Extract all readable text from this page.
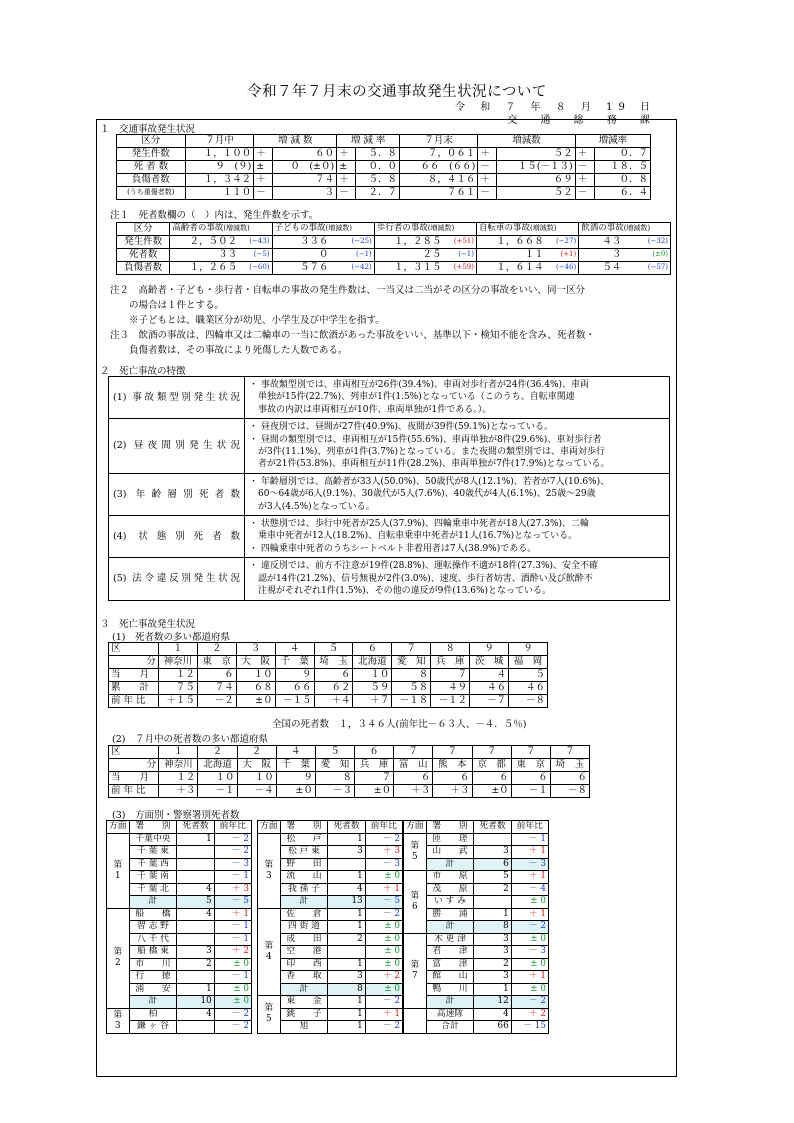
令和７年７月末の交通事故発生状況について
令 和 ７ 年 ８ 月 19 日
交 通 総 務 課
１　交通事故発生状況
区分	７月中	増 減 数		増 減 率		７月末	増減数		増減率	
発生件数	１，１００	＋	６０	＋	５．８	７，０６１	＋	５２	＋	０．７
死 者 数	９　(９)	±	０　(±０)	±	０．０	６６　(６６)	－	１５(－１３)	－	１８．５
負傷者数	１，３４２	＋	７４	＋	５．８	８，４１６	＋	６９	＋	０．８
(うち重傷者数)	１１０	－	３	－	２．７	７６１	－	５２	－	６．４
注１　死者数欄の（　）内は、発生件数を示す。
区分	高齢者の事故(増減数)		子どもの事故(増減数)		歩行者の事故(増減数)		自転車の事故(増減数)		飲酒の事故(増減数)	
発生件数	２，５０２	(−43)	３３６	(−25)	１，２８５	(+51)	１，６６８	(−27)	４３	(−32)
死者数	３３	(−5)	０	(−1)	２５	(−1)	１１	(+1)	３	(±0)
負傷者数	１，２６５	(−60)	５７６	(−42)	１，３１５	(+59)	１，６１４	(−46)	５４	(−57)
注２　高齢者・子ども・歩行者・自転車の事故の発生件数は、一当又は二当がその区分の事故をいい、同一区分
　　の場合は１件とする。
　　※子どもとは、職業区分が幼児、小学生及び中学生を指す。
注３　飲酒の事故は、四輪車又は二輪車の一当に飲酒があった事故をいい、基準以下・検知不能を含み、死者数・
　　負傷者数は、その事故により死傷した人数である。
２　死亡事故の特徴
(1) 事故類型別発生状況	・ 事故類型別では、車両相互が26件(39.4%)、車両対歩行者が24件(36.4%)、車両
　単独が15件(22.7%)、列車が1件(1.5%)となっている（このうち、自転車関連
　事故の内訳は車両相互が10件、車両単独が1件である。）。

(2) 昼夜間別発生状況	・ 昼夜別では、昼間が27件(40.9%)、夜間が39件(59.1%)となっている。
・ 昼間の類型別では、車両相互が15件(55.6%)、車両単独が8件(29.6%)、車対歩行者
　が3件(11.1%)、列車が1件(3.7%)となっている。また夜間の類型別では、車両対歩行
　者が21件(53.8%)、車両相互が11件(28.2%)、車両単独が7件(17.9%)となっている。

(3) 年齢層別死者数	・ 年齢層別では、高齢者が33人(50.0%)、50歳代が8人(12.1%)、若者が7人(10.6%)、
　60～64歳が6人(9.1%)、30歳代が5人(7.6%)、40歳代が4人(6.1%)、25歳～29歳
　が3人(4.5%)となっている。

(4) 状態別死者数	・ 状態別では、歩行中死者が25人(37.9%)、四輪乗車中死者が18人(27.3%)、二輪
　乗車中死者が12人(18.2%)、自転車乗車中死者が11人(16.7%)となっている。
・ 四輪乗車中死者のうちシートベルト非着用者は7人(38.9%)である。

(5) 法令違反別発生状況	・ 違反別では、前方不注意が19件(28.8%)、運転操作不適が18件(27.3%)、安全不確
　認が14件(21.2%)、信号無視が2件(3.0%)、速度、歩行者妨害、酒酔い及び飲酔不
　注視がそれぞれ1件(1.5%)、その他の違反が9件(13.6%)となっている。
３　死亡事故発生状況
(1)　死者数の多い都道府県
区	１	２	３	４	５	６	７	８	９	９
分	神奈川	東　京	大　阪	千　葉	埼　玉	北海道	愛　知	兵　庫	茨　城	福　岡
当　　月	１２	６	１０	９	６	１０	８	７	４	５
累　　計	７５	７４	６８	６６	６２	５９	５８	４９	４６	４６
前 年 比	＋１５	－２	±０	－１５	＋４	＋７	－１８	－１２	－７	－８
全国の死者数　１，３４６人(前年比－６３人、－４．５％)
(2)　７月中の死者数の多い都道府県
区	１	２	２	４	５	６	７	７	７	７	７
分	神奈川	北海道	大　阪	千　葉	愛　知	兵　庫	富　山	熊　本	京　都	東　京	埼　玉
当　　月	１２	１０	１０	９	８	７	６	６	６	６	６
前 年 比	＋３	－１	－４	±０	－３	±０	＋３	＋３	±０	－１	－８
(3)　方面別・警察署別死者数
方面	署　　別	死者数	前年比
第
1	千葉中央	1	－ 2
	千 葉 東		－ 2
	千 葉 西		－ 3
	千 葉 南		－ 1
	千 葉 北	4	＋ 3
	計	5	－ 5
第
2	船　　橋	4	＋ 1
	習 志 野		－ 1
	八 千 代		－ 1
	船 橋 東	3	＋ 2
	市　　川	2	± 0
	行　　徳		－ 1
	浦　　安	1	± 0
	計	10	± 0
第
3	柏	4	－ 2
	鎌 ヶ 谷		－ 2
方面	署　　別	死者数	前年比
第
3	松　　戸	1	－ 2
	松 戸 東	3	＋ 3
	野　　田		－ 3
	流　　山	1	± 0
	我 孫 子	4	＋ 1
	計	13	－ 5
第
4	佐　　倉	1	－ 2
	四 街 道	1	± 0
	成　　田	2	± 0
	空　　港		± 0
	印　　西	1	± 0
	香　　取	3	＋ 2
	計	8	± 0
第
5	東　　金	1	－ 2
	銚　　子	1	＋ 1
	旭	1	－ 2
方面	署　　別	死者数	前年比
第
5	匝　　瑳		－ 1
	山　　武	3	＋ 1
	計	6	－ 3
第
6	市　　原	5	＋ 1
	茂　　原	2	－ 4
	い す み		± 0
	勝　　浦	1	＋ 1
	計	8	－ 2
第
7	木 更 津	3	± 0
	君　　津	3	－ 3
	富　　津	2	± 0
	館　　山	3	＋ 1
	鴨　　川	1	± 0
	計	12	－ 2
	高速隊	4	＋ 2
	合計	66	－ 15
